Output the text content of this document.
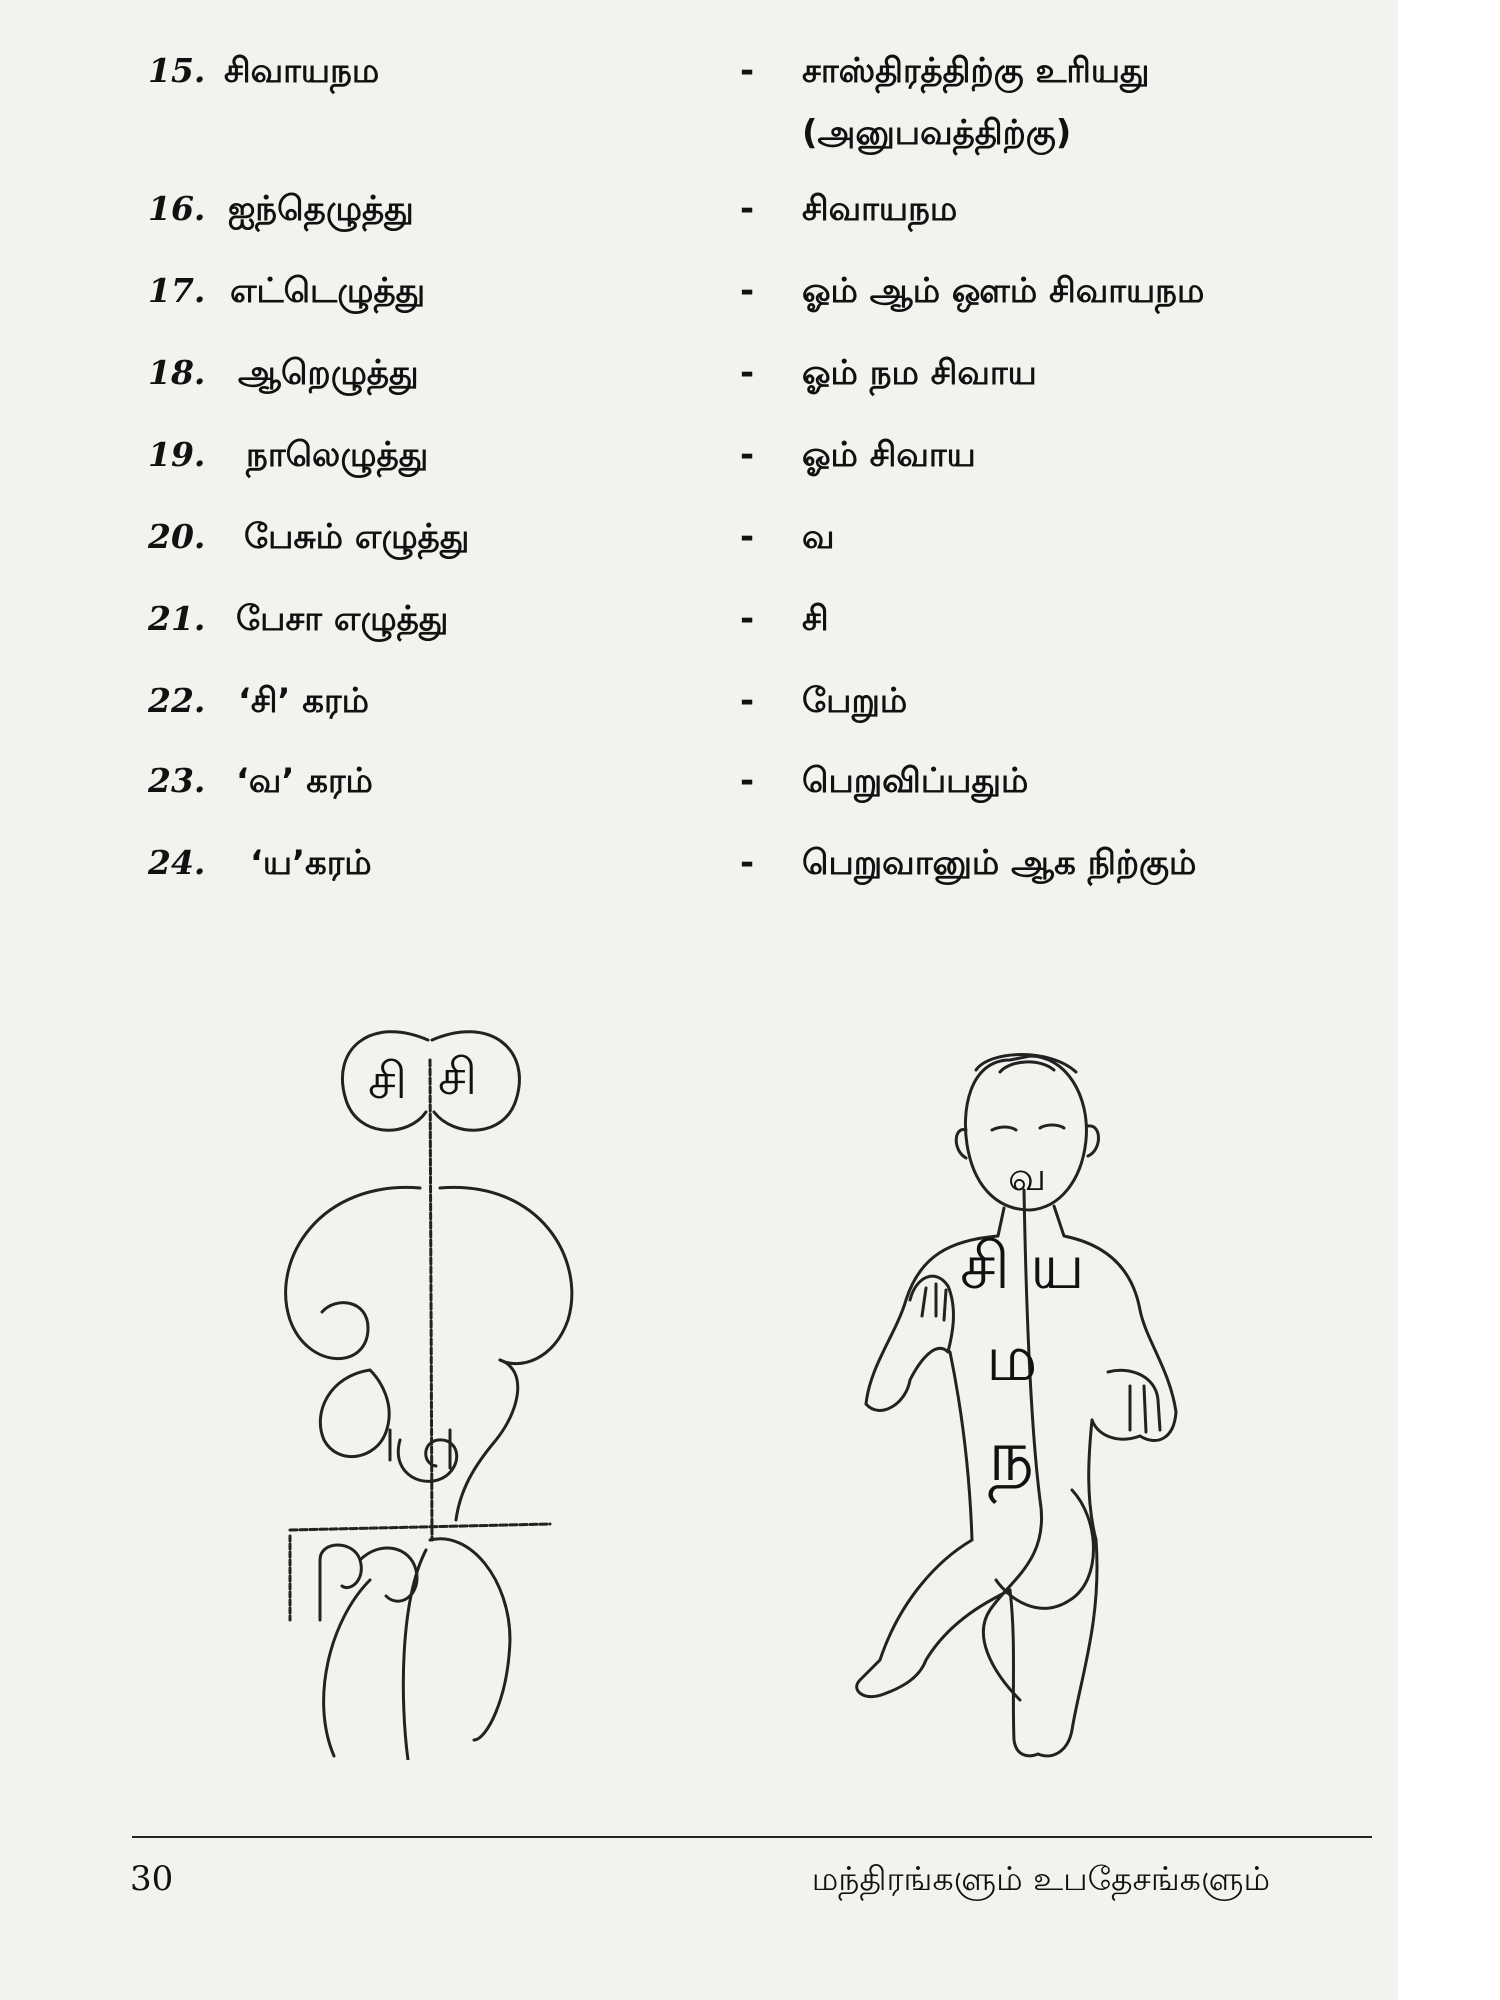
15. சிவாயநம	- சாஸ்திரத்திற்கு உரியது
(அனுபவத்திற்கு)
16. ஐந்தெழுத்து	- சிவாயநம
17. எட்டெழுத்து	- ஓம் ஆம் ஔம் சிவாயநம
18. ஆறெழுத்து	- ஓம் நம சிவாய
19. நாலெழுத்து	- ஓம் சிவாய
20. பேசும் எழுத்து	- வ
21. பேசா எழுத்து	- சி
22. ‘சி’ கரம்	- பேறும்
23. ‘வ’ கரம்	- பெறுவிப்பதும்
24. ‘ய’கரம்	- பெறுவானும் ஆக நிற்கும்
சி சி
வ
சி ய
ம
ந
30	மந்திரங்களும் உபதேசங்களும்
